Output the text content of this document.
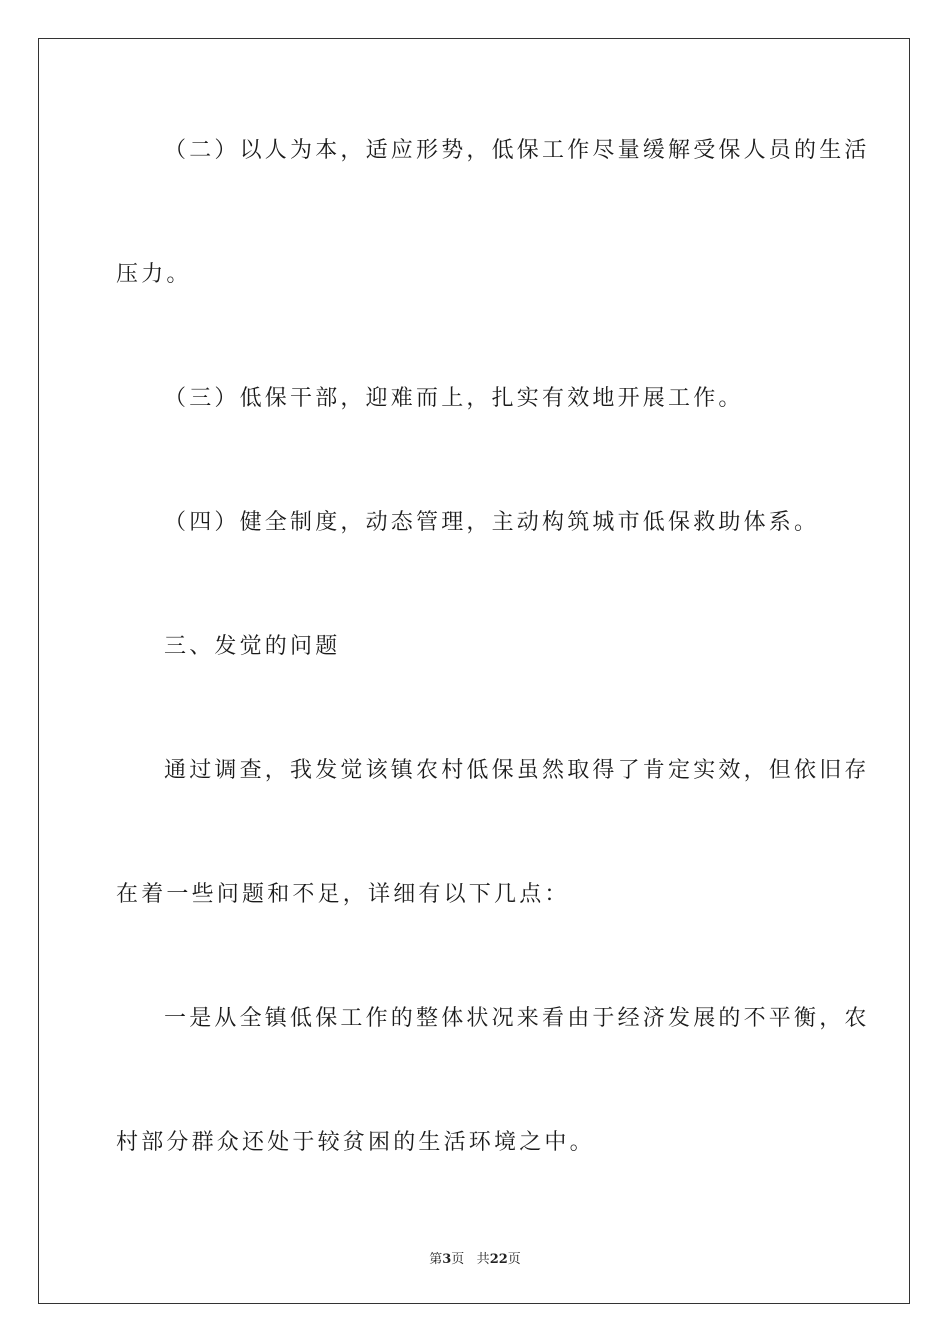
（二）以人为本，适应形势，低保工作尽量缓解受保人员的生活
压力。
（三）低保干部，迎难而上，扎实有效地开展工作。
（四）健全制度，动态管理，主动构筑城市低保救助体系。
三、发觉的问题
通过调查，我发觉该镇农村低保虽然取得了肯定实效，但依旧存
在着一些问题和不足，详细有以下几点：
一是从全镇低保工作的整体状况来看由于经济发展的不平衡，农
村部分群众还处于较贫困的生活环境之中。
第3页 共22页
